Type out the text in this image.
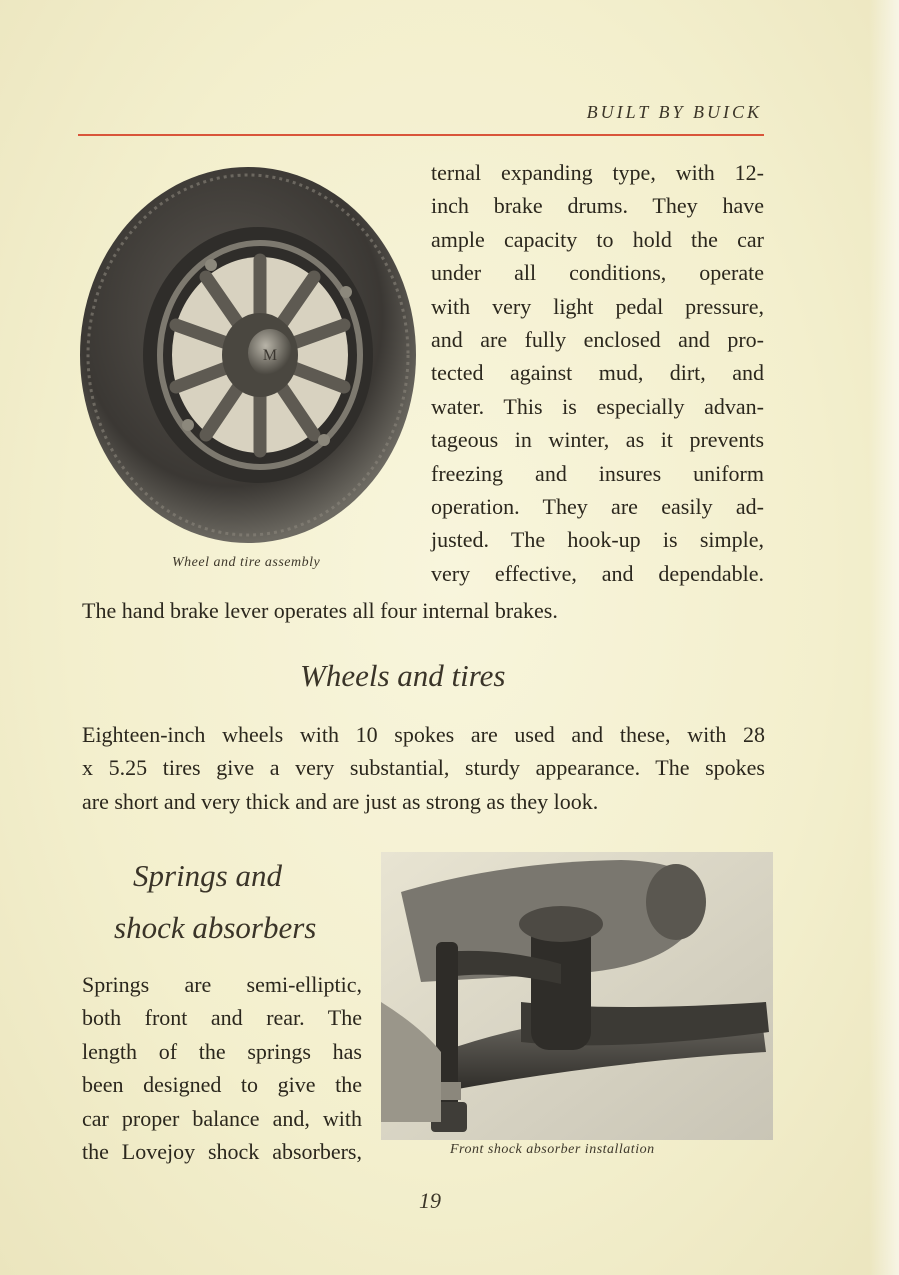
BUILT BY BUICK
M
Wheel and tire assembly
ternal expanding type, with 12-
inch brake drums. They have
ample capacity to hold the car
under all conditions, operate
with very light pedal pressure,
and are fully enclosed and pro-
tected against mud, dirt, and
water. This is especially advan-
tageous in winter, as it prevents
freezing and insures uniform
operation. They are easily ad-
justed. The hook-up is simple,
very effective, and dependable.
The hand brake lever operates all four internal brakes.
Wheels and tires
Eighteen-inch wheels with 10 spokes are used and these, with 28
x 5.25 tires give a very substantial, sturdy appearance. The spokes
are short and very thick and are just as strong as they look.
Springs and
shock absorbers
Springs are semi-elliptic,
both front and rear. The
length of the springs has
been designed to give the
car proper balance and, with
the Lovejoy shock absorbers,	Front shock absorber installation
19
